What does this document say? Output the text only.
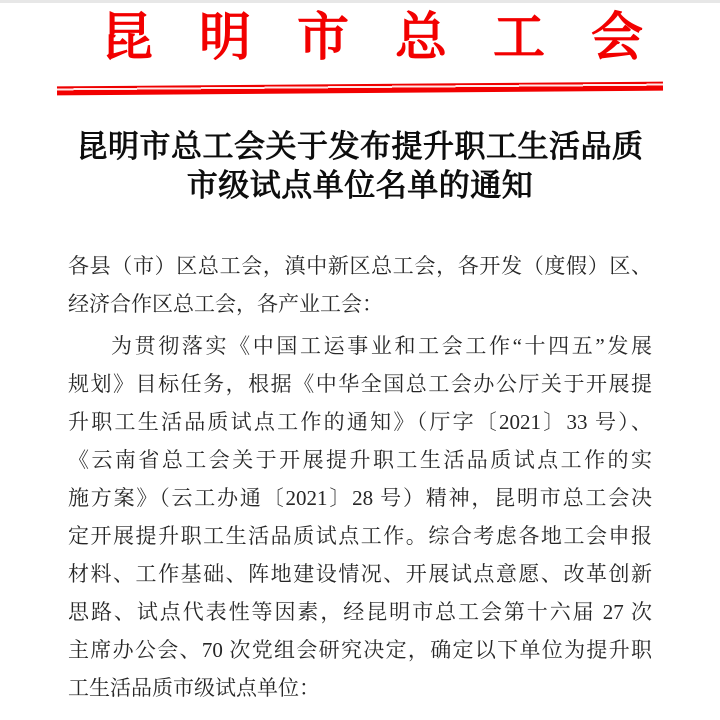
昆明市总工会
昆明市总工会关于发布提升职工生活品质
市级试点单位名单的通知
各县（市）区总工会，滇中新区总工会，各开发（度假）区、
经济合作区总工会，各产业工会：
为贯彻落实《中国工运事业和工会工作“十四五”发展
规划》目标任务，根据《中华全国总工会办公厅关于开展提
升职工生活品质试点工作的通知》（厅字〔2021〕33 号）、
《云南省总工会关于开展提升职工生活品质试点工作的实
施方案》（云工办通〔2021〕28 号）精神，昆明市总工会决
定开展提升职工生活品质试点工作。综合考虑各地工会申报
材料、工作基础、阵地建设情况、开展试点意愿、改革创新
思路、试点代表性等因素，经昆明市总工会第十六届 27 次
主席办公会、70 次党组会研究决定，确定以下单位为提升职
工生活品质市级试点单位：
